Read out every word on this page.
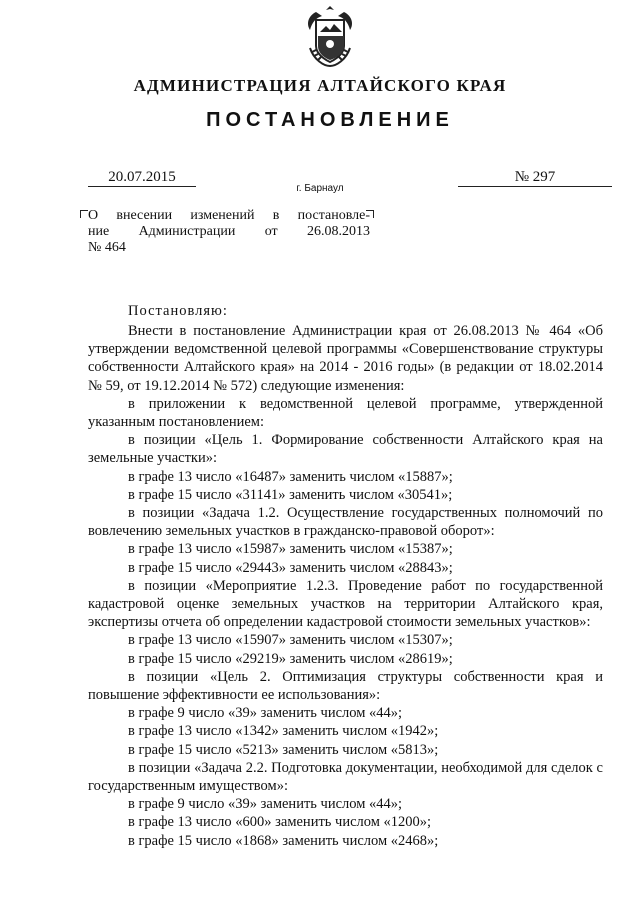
АДМИНИСТРАЦИЯ АЛТАЙСКОГО КРАЯ
ПОСТАНОВЛЕНИЕ
20.07.2015
г. Барнаул
№ 297
О внесении изменений в постановле-
ние Администрации от 26.08.2013
№ 464
Постановляю:

Внести в постановление Администрации края от 26.08.2013 № 464 «Об утверждении ведомственной целевой программы «Совершенствование структуры собственности Алтайского края» на 2014 - 2016 годы» (в редакции от 18.02.2014 № 59, от 19.12.2014 № 572) следующие изменения:

в приложении к ведомственной целевой программе, утвержденной указанным постановлением:

в позиции «Цель 1. Формирование собственности Алтайского края на земельные участки»:

в графе 13 число «16487» заменить числом «15887»;

в графе 15 число «31141» заменить числом «30541»;

в позиции «Задача 1.2. Осуществление государственных полномочий по вовлечению земельных участков в гражданско-правовой оборот»:

в графе 13 число «15987» заменить числом «15387»;

в графе 15 число «29443» заменить числом «28843»;

в позиции «Мероприятие 1.2.3. Проведение работ по государственной кадастровой оценке земельных участков на территории Алтайского края, экспертизы отчета об определении кадастровой стоимости земельных участков»:

в графе 13 число «15907» заменить числом «15307»;

в графе 15 число «29219» заменить числом «28619»;

в позиции «Цель 2. Оптимизация структуры собственности края и повышение эффективности ее использования»:

в графе 9 число «39» заменить числом «44»;

в графе 13 число «1342» заменить числом «1942»;

в графе 15 число «5213» заменить числом «5813»;

в позиции «Задача 2.2. Подготовка документации, необходимой для сделок с государственным имуществом»:

в графе 9 число «39» заменить числом «44»;

в графе 13 число «600» заменить числом «1200»;

в графе 15 число «1868» заменить числом «2468»;
